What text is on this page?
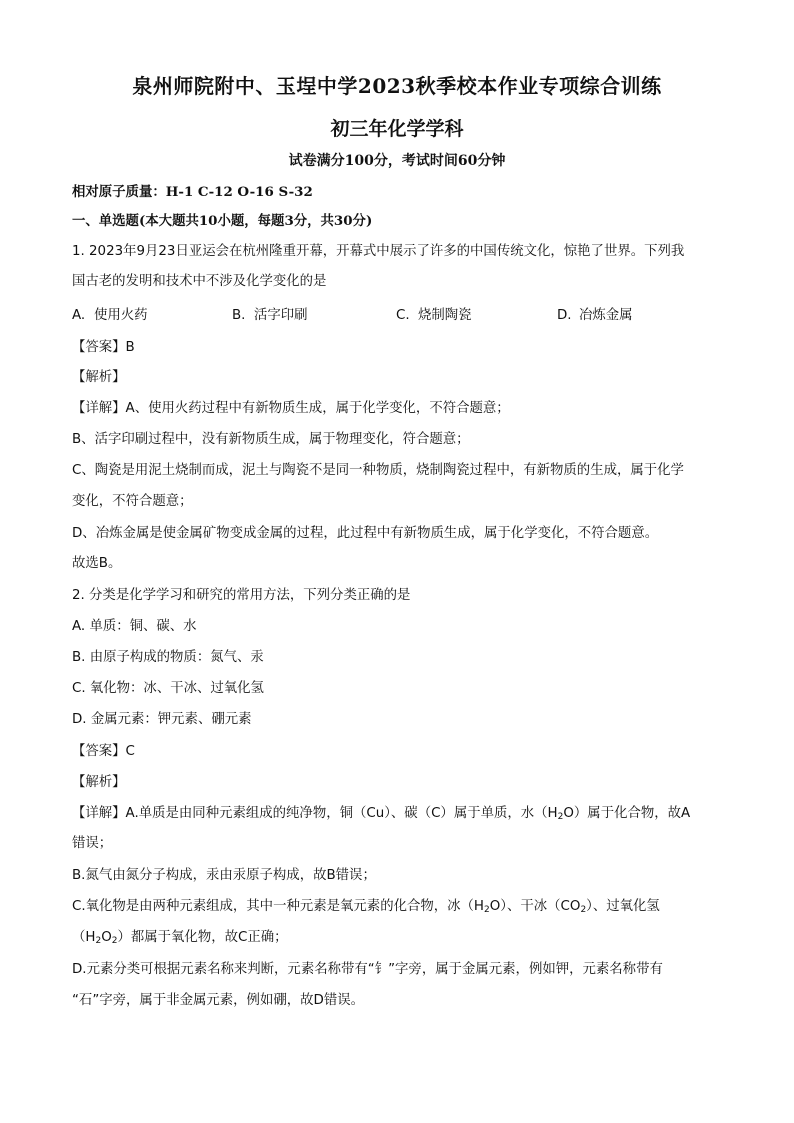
泉州师院附中、玉埕中学2023秋季校本作业专项综合训练
初三年化学学科
试卷满分100分，考试时间60分钟
相对原子质量：H-1 C-12 O-16 S-32
一、单选题(本大题共10小题，每题3分，共30分)
1. 2023年9月23日亚运会在杭州隆重开幕，开幕式中展示了许多的中国传统文化，惊艳了世界。下列我
国古老的发明和技术中不涉及化学变化的是
A. 使用火药	B. 活字印刷	C. 烧制陶瓷	D. 冶炼金属
【答案】B
【解析】
【详解】A、使用火药过程中有新物质生成，属于化学变化，不符合题意；
B、活字印刷过程中，没有新物质生成，属于物理变化，符合题意；
C、陶瓷是用泥土烧制而成，泥土与陶瓷不是同一种物质，烧制陶瓷过程中，有新物质的生成，属于化学
变化，不符合题意；
D、冶炼金属是使金属矿物变成金属的过程，此过程中有新物质生成，属于化学变化，不符合题意。
故选B。
2. 分类是化学学习和研究的常用方法，下列分类正确的是
A. 单质：铜、碳、水
B. 由原子构成的物质：氮气、汞
C. 氧化物：冰、干冰、过氧化氢
D. 金属元素：钾元素、硼元素
【答案】C
【解析】
【详解】A.单质是由同种元素组成的纯净物，铜（Cu）、碳（C）属于单质，水$(H_2O)$属于化合物，故A
错误；
B.氮气由氮分子构成，汞由汞原子构成，故B错误；
C.氧化物是由两种元素组成，其中一种元素是氧元素的化合物，冰$(H_2O)$、干冰$(CO_2)$、过氧化氢
$(H_2O_2)$都属于氧化物，故C正确；
D.元素分类可根据元素名称来判断，元素名称带有“钅”字旁，属于金属元素，例如钾，元素名称带有
“石”字旁，属于非金属元素，例如硼，故D错误。
